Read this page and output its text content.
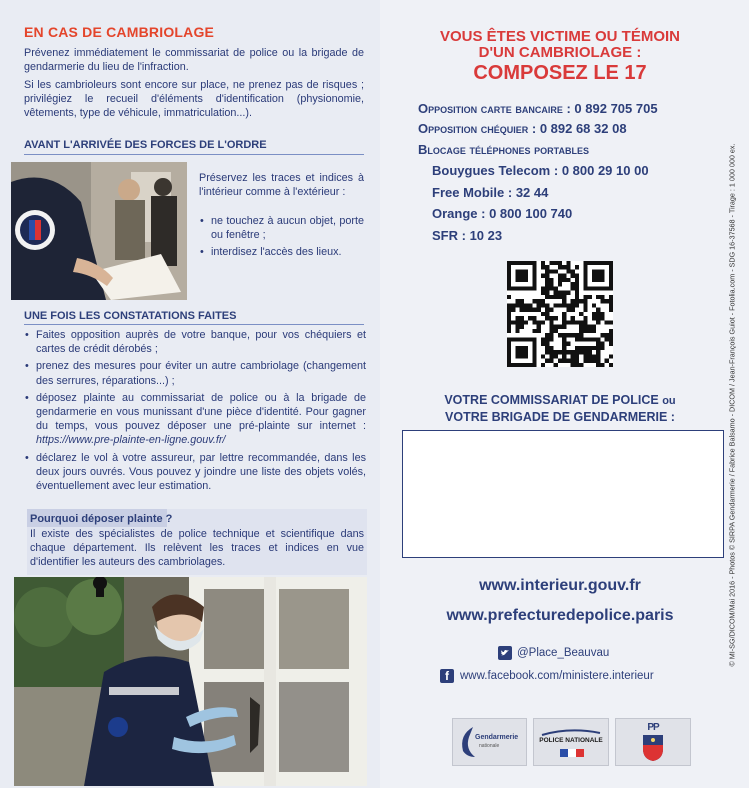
EN CAS DE CAMBRIOLAGE
Prévenez immédiatement le commissariat de police ou la brigade de gendarmerie du lieu de l'infraction.
Si les cambrioleurs sont encore sur place, ne prenez pas de risques ; privilégiez le recueil d'éléments d'identification (physionomie, vêtements, type de véhicule, immatriculation...).
AVANT L'ARRIVÉE DES FORCES DE L'ORDRE
Préservez les traces et indices à l'intérieur comme à l'extérieur :
• ne touchez à aucun objet, porte ou fenêtre ;
• interdisez l'accès des lieux.
UNE FOIS LES CONSTATATIONS FAITES
• Faites opposition auprès de votre banque, pour vos chéquiers et cartes de crédit dérobés ;
• prenez des mesures pour éviter un autre cambriolage (changement des serrures, réparations...) ;
• déposez plainte au commissariat de police ou à la brigade de gendarmerie en vous munissant d'une pièce d'identité. Pour gagner du temps, vous pouvez déposer une pré-plainte sur internet : https://www.pre-plainte-en-ligne.gouv.fr/
• déclarez le vol à votre assureur, par lettre recommandée, dans les deux jours ouvrés. Vous pouvez y joindre une liste des objets volés, éventuellement avec leur estimation.
Pourquoi déposer plainte ?
Il existe des spécialistes de police technique et scientifique dans chaque département. Ils relèvent les traces et indices en vue d'identifier les auteurs des cambriolages.
VOUS ÊTES VICTIME OU TÉMOIN
D'UN CAMBRIOLAGE :
COMPOSEZ LE 17
Opposition carte bancaire : 0 892 705 705
Opposition chéquier : 0 892 68 32 08
Blocage téléphones portables
Bouygues Telecom : 0 800 29 10 00
Free Mobile : 32 44
Orange : 0 800 100 740
SFR : 10 23
VOTRE COMMISSARIAT DE POLICE ou
VOTRE BRIGADE DE GENDARMERIE :
www.interieur.gouv.fr
www.prefecturedepolice.paris
@Place_Beauvau
f www.facebook.com/ministere.interieur
Gendarmerie
nationale
POLICE NATIONALE
PP
© MI-SG/DICOM/Mai 2016 - Photos © SIRPA Gendarmerie / Fabrice Balsamo - DICOM / Jean-François Guiot - Fotolia.com - SDG 16-37568 - Tirage : 1 000 000 ex.
